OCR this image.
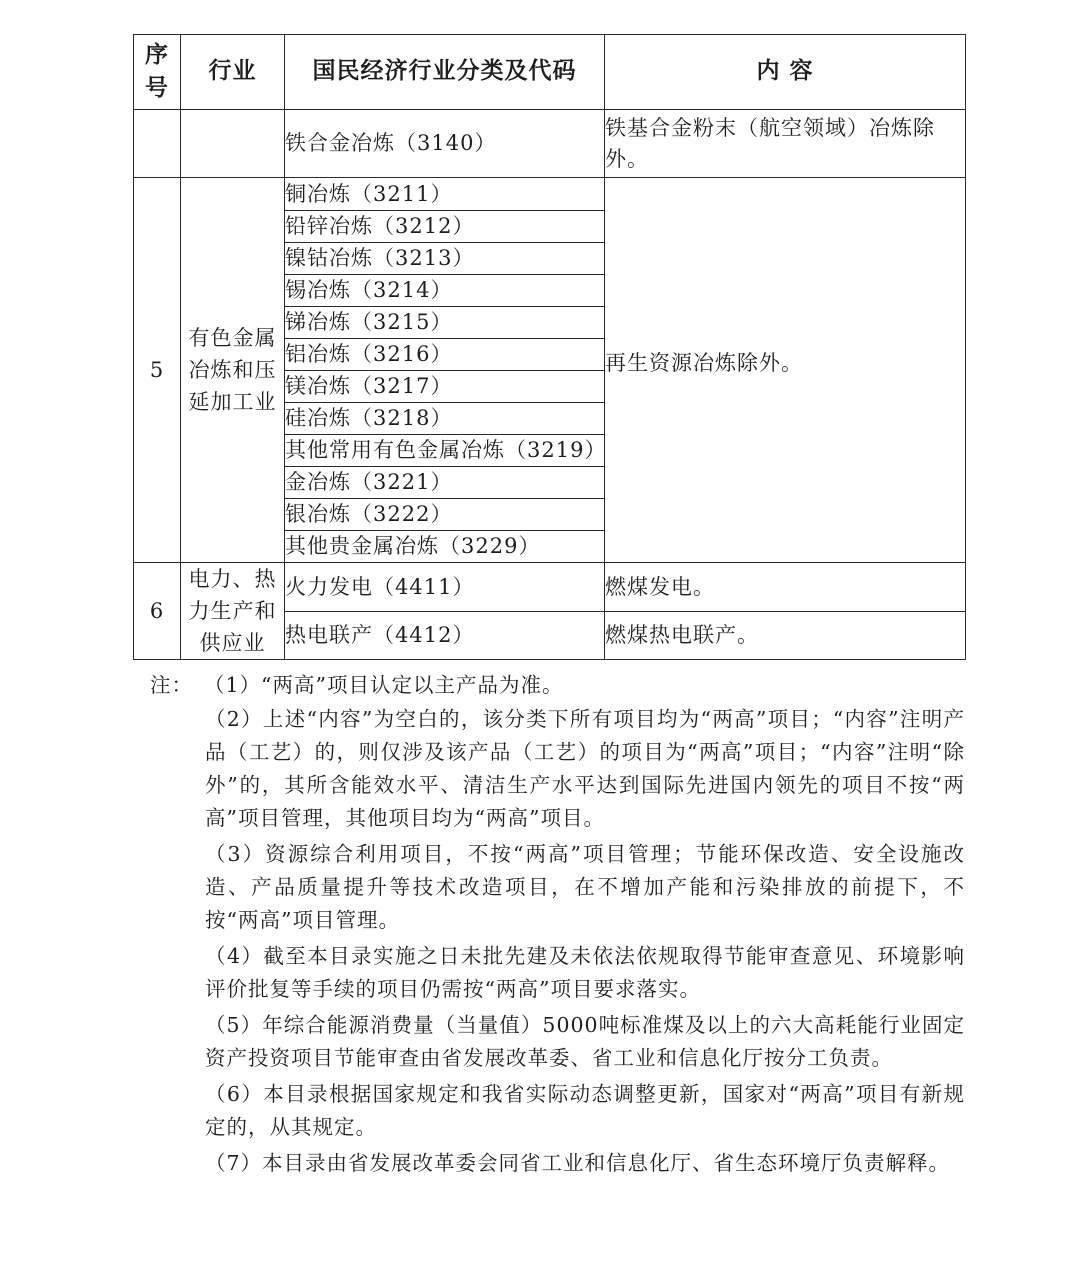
序号	行业	国民经济行业分类及代码	内 容
		铁合金冶炼（3140）	铁基合金粉末（航空领域）冶炼除外。
5	有色金属冶炼和压延加工业	铜冶炼（3211）	再生资源冶炼除外。
		铅锌冶炼（3212）	
		镍钴冶炼（3213）	
		锡冶炼（3214）	
		锑冶炼（3215）	
		铝冶炼（3216）	
		镁冶炼（3217）	
		硅冶炼（3218）	
		其他常用有色金属冶炼（3219）	
		金冶炼（3221）	
		银冶炼（3222）	
		其他贵金属冶炼（3229）	
6	电力、热力生产和供应业	火力发电（4411）	燃煤发电。
		热电联产（4412）	燃煤热电联产。
注： （1）“两高”项目认定以主产品为准。
（2）上述“内容”为空白的，该分类下所有项目均为“两高”项目；“内容”注明产品（工艺）的，则仅涉及该产品（工艺）的项目为“两高”项目；“内容”注明“除外”的，其所含能效水平、清洁生产水平达到国际先进国内领先的项目不按“两高”项目管理，其他项目均为“两高”项目。
（3）资源综合利用项目，不按“两高”项目管理；节能环保改造、安全设施改造、产品质量提升等技术改造项目，在不增加产能和污染排放的前提下，不按“两高”项目管理。
（4）截至本目录实施之日未批先建及未依法依规取得节能审查意见、环境影响评价批复等手续的项目仍需按“两高”项目要求落实。
（5）年综合能源消费量（当量值）5000吨标准煤及以上的六大高耗能行业固定资产投资项目节能审查由省发展改革委、省工业和信息化厅按分工负责。
（6）本目录根据国家规定和我省实际动态调整更新，国家对“两高”项目有新规定的，从其规定。
（7）本目录由省发展改革委会同省工业和信息化厅、省生态环境厅负责解释。
